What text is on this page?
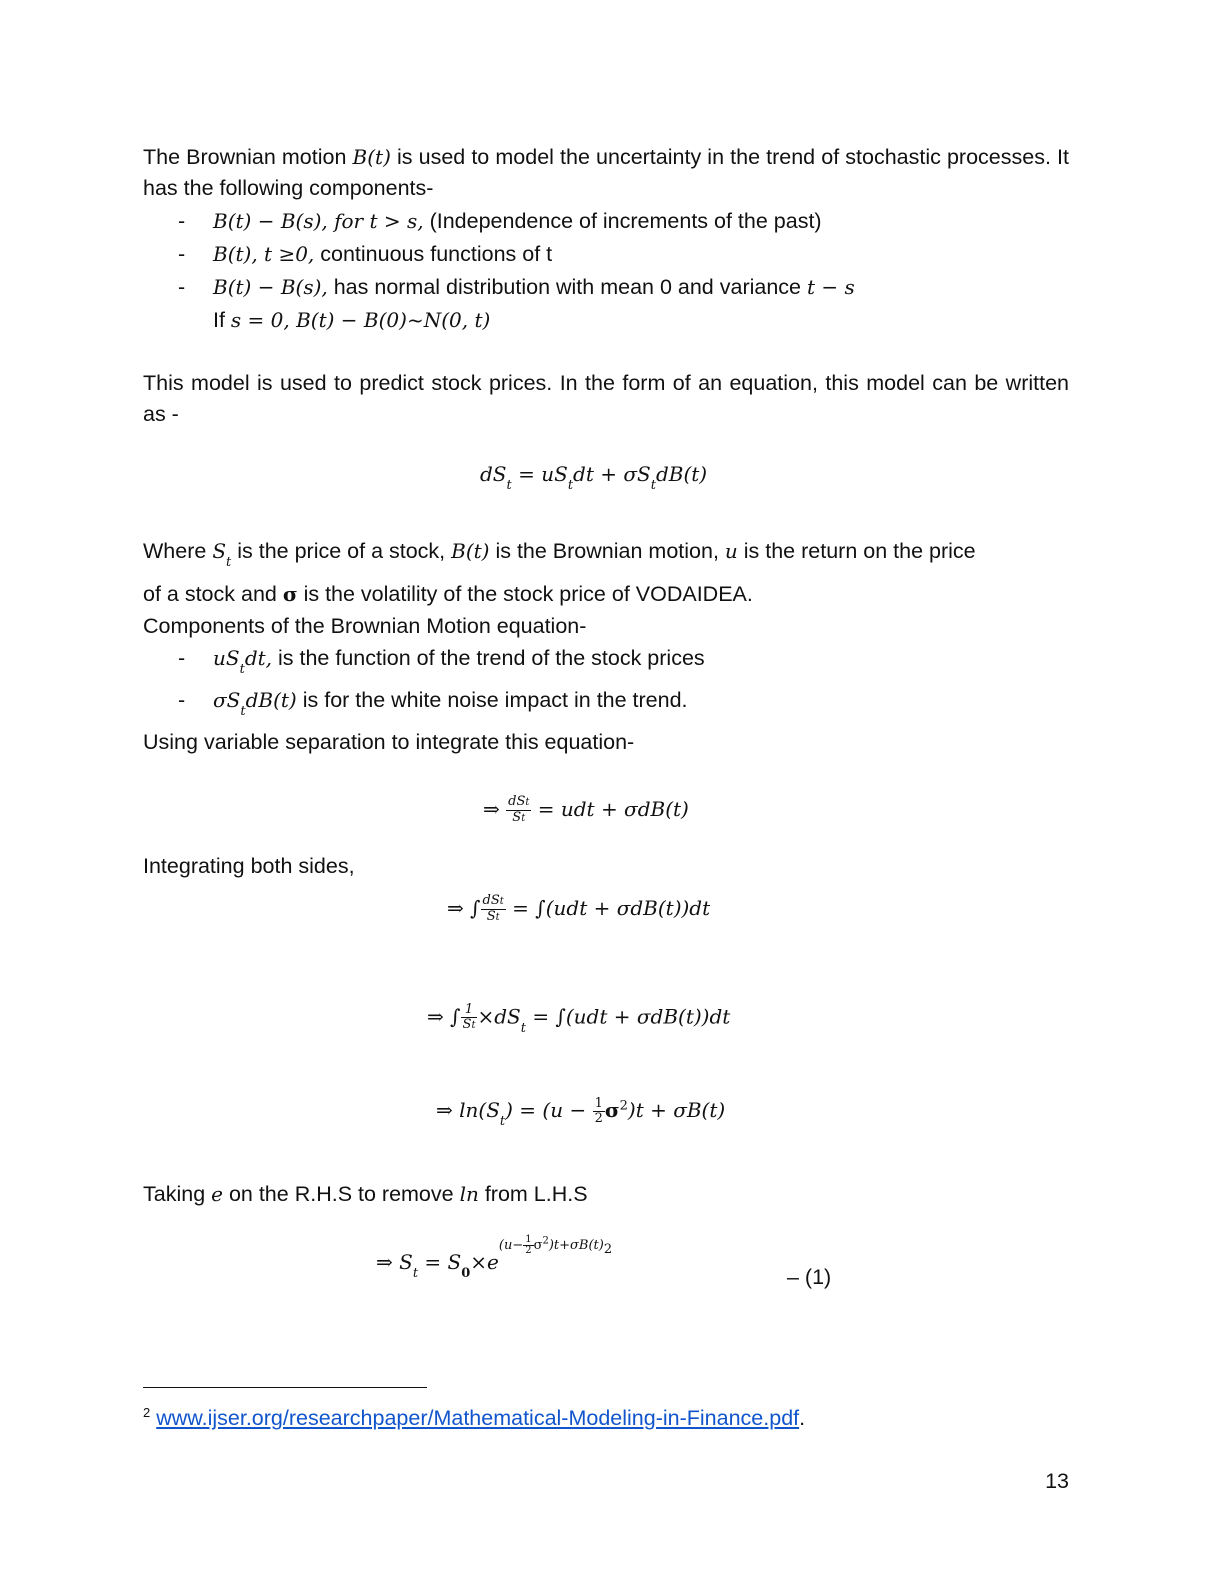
The Brownian motion B(t) is used to model the uncertainty in the trend of stochastic processes. It has the following components-
- B(t) − B(s), for t > s, (Independence of increments of the past)
- B(t), t ≥0, continuous functions of t
- B(t) − B(s), has normal distribution with mean 0 and variance t − s
If s = 0, B(t) − B(0)~N(0, t)
This model is used to predict stock prices. In the form of an equation, this model can be written as -
$dS_t = uS_tdt + \sigma S_tdB(t)$
Where $S_t$ is the price of a stock, B(t) is the Brownian motion, u is the return on the price
of a stock and σ is the volatility of the stock price of VODAIDEA.
Components of the Brownian Motion equation-
- $uS_tdt$, is the function of the trend of the stock prices
- $\sigma S_tdB(t)$ is for the white noise impact in the trend.
Using variable separation to integrate this equation-
⇒ $\frac{\text{dSt}}{St}$ = udt + σdB(t)
Integrating both sides,
⇒ ∫ $\frac{\text{dSt}}{St} = \int(udt + \sigma dB(t))dt$
⇒ ∫ $\frac{1}{St} \times dS_t = \int(udt + \sigma dB(t))dt$
⇒ $\ln(S_t) = (u - \frac{1}{2} \sigma^2)t + \sigma B(t)$
Taking e on the R.H.S to remove ln from L.H.S
⇒ $S_t = S_0\times e^{(u- \frac{1}{2} \sigma^2)t+\sigma B(t)2}$
– (1)
$^2$ www.ijser.org/researchpaper/Mathematical-Modeling-in-Finance.pdf.
13
